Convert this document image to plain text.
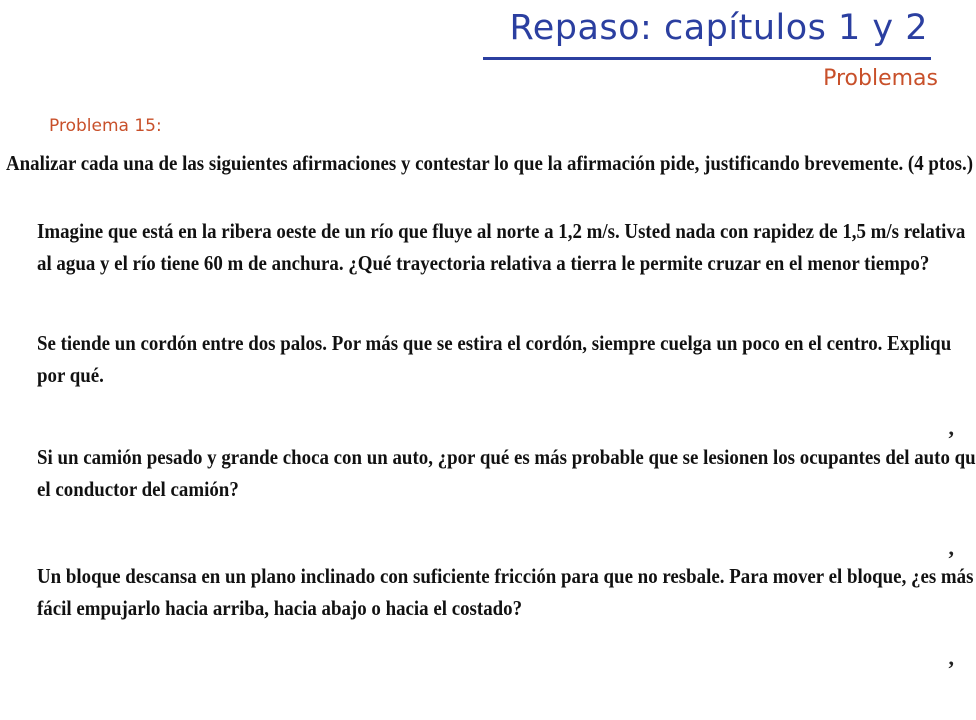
Repaso: capítulos 1 y 2
Problemas
Problema 15:
Analizar cada una de las siguientes afirmaciones y contestar lo que la afirmación pide, justificando brevemente. (4 ptos.)
Imagine que está en la ribera oeste de un río que fluye al norte a 1,2 m/s. Usted nada con rapidez de 1,5 m/s relativa
al agua y el río tiene 60 m de anchura. ¿Qué trayectoria relativa a tierra le permite cruzar en el menor tiempo?
Se tiende un cordón entre dos palos. Por más que se estira el cordón, siempre cuelga un poco en el centro. Expliqu
por qué.
Si un camión pesado y grande choca con un auto, ¿por qué es más probable que se lesionen los ocupantes del auto qu
el conductor del camión?
Un bloque descansa en un plano inclinado con suficiente fricción para que no resbale. Para mover el bloque, ¿es más
fácil empujarlo hacia arriba, hacia abajo o hacia el costado?
,
,
,
